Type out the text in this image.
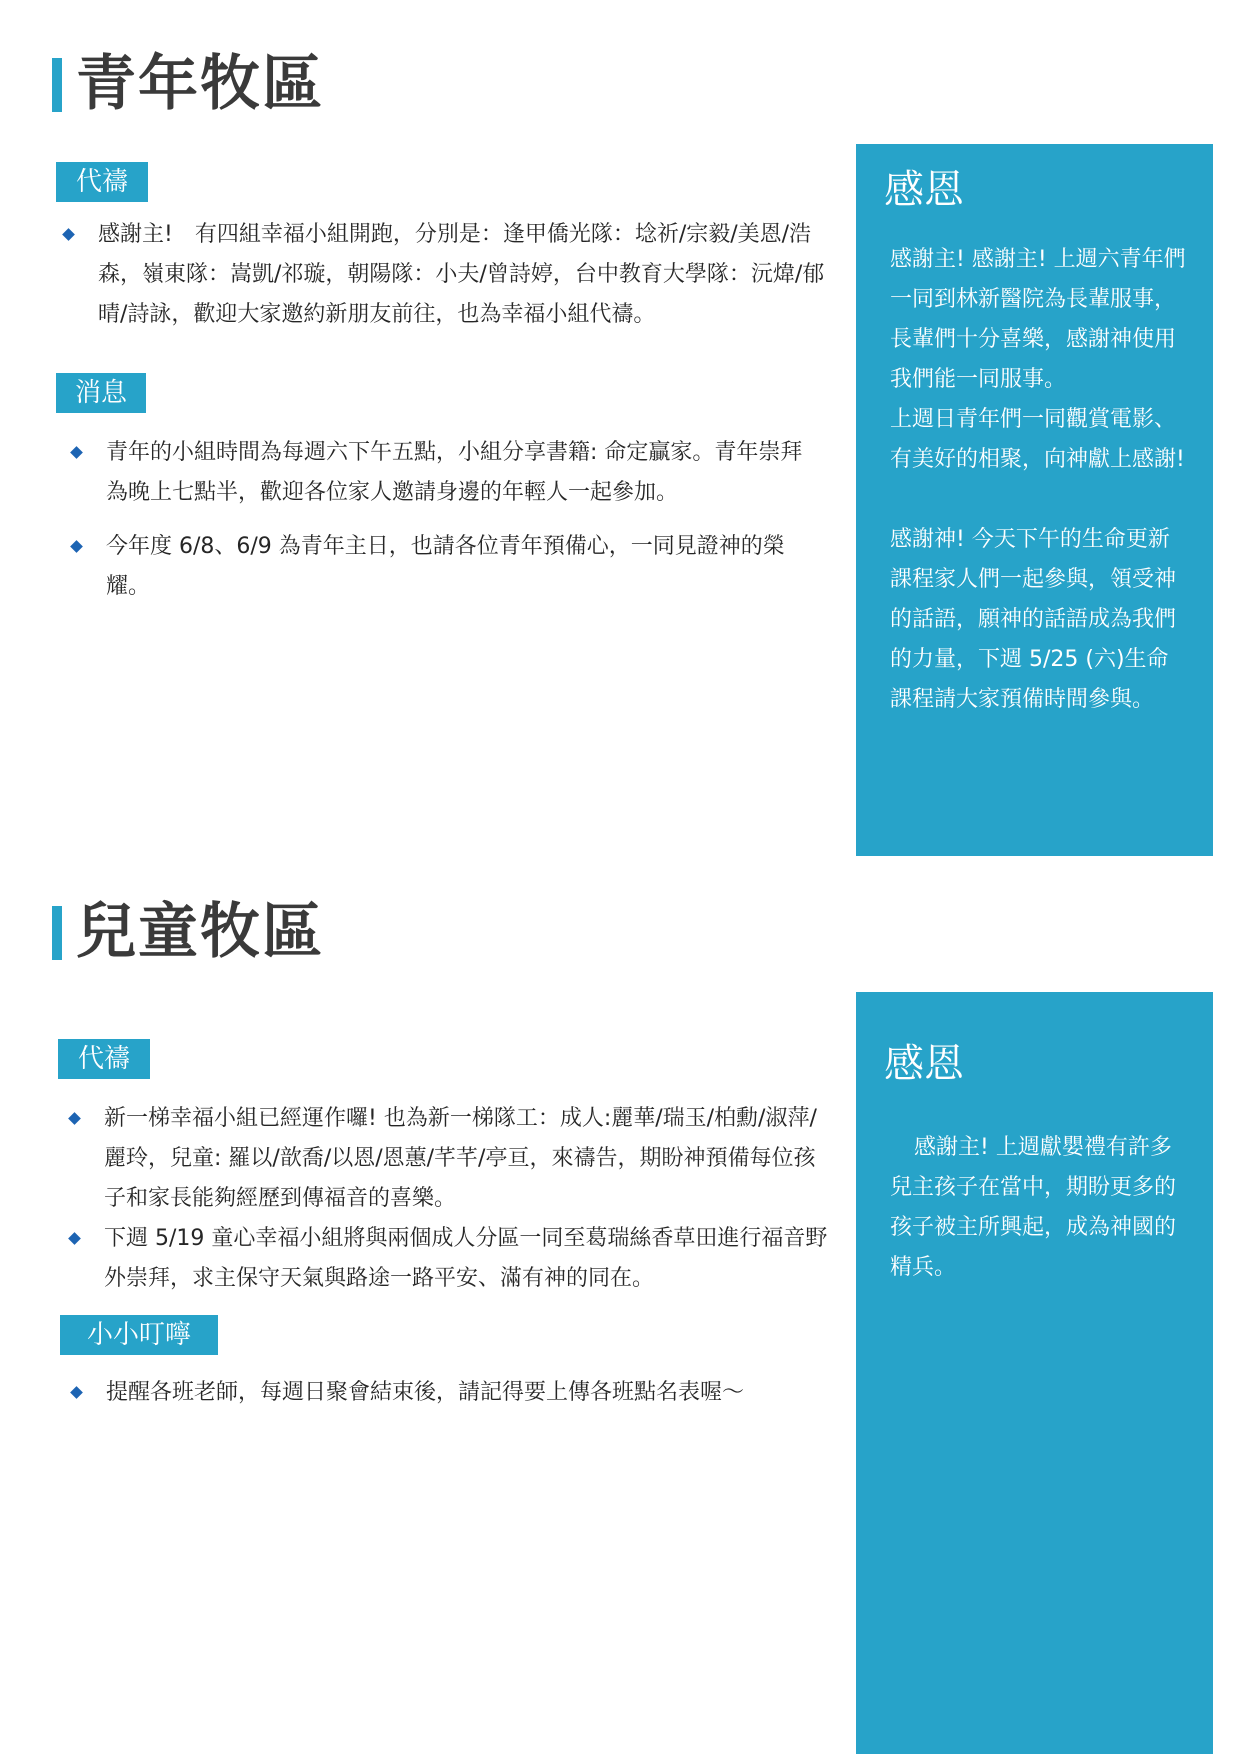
青年牧區
代禱
感謝主!　有四組幸福小組開跑，分別是：逢甲僑光隊：埝祈/宗毅/美恩/浩森，嶺東隊：嵩凱/祁璇，朝陽隊：小夫/曾詩婷，台中教育大學隊：沅煒/郁晴/詩詠，歡迎大家邀約新朋友前往，也為幸福小組代禱。
消息
青年的小組時間為每週六下午五點，小組分享書籍: 命定贏家。青年崇拜為晚上七點半，歡迎各位家人邀請身邊的年輕人一起參加。
今年度 6/8、6/9 為青年主日，也請各位青年預備心，一同見證神的榮耀。
感恩

感謝主! 感謝主! 上週六青年們一同到林新醫院為長輩服事，長輩們十分喜樂，感謝神使用我們能一同服事。

上週日青年們一同觀賞電影、有美好的相聚，向神獻上感謝!

感謝神! 今天下午的生命更新課程家人們一起參與，領受神的話語，願神的話語成為我們的力量，下週 5/25 (六)生命課程請大家預備時間參與。

兒童牧區
代禱
新一梯幸福小組已經運作囉! 也為新一梯隊工：成人:麗華/瑞玉/柏勳/淑萍/麗玲，兒童: 羅以/歆喬/以恩/恩蕙/芊芊/亭亘，來禱告，期盼神預備每位孩子和家長能夠經歷到傳福音的喜樂。
下週 5/19 童心幸福小組將與兩個成人分區一同至葛瑞絲香草田進行福音野外崇拜，求主保守天氣與路途一路平安、滿有神的同在。
小小叮嚀
提醒各班老師，每週日聚會結束後，請記得要上傳各班點名表喔～
感恩

感謝主! 上週獻嬰禮有許多兒主孩子在當中，期盼更多的孩子被主所興起，成為神國的精兵。
